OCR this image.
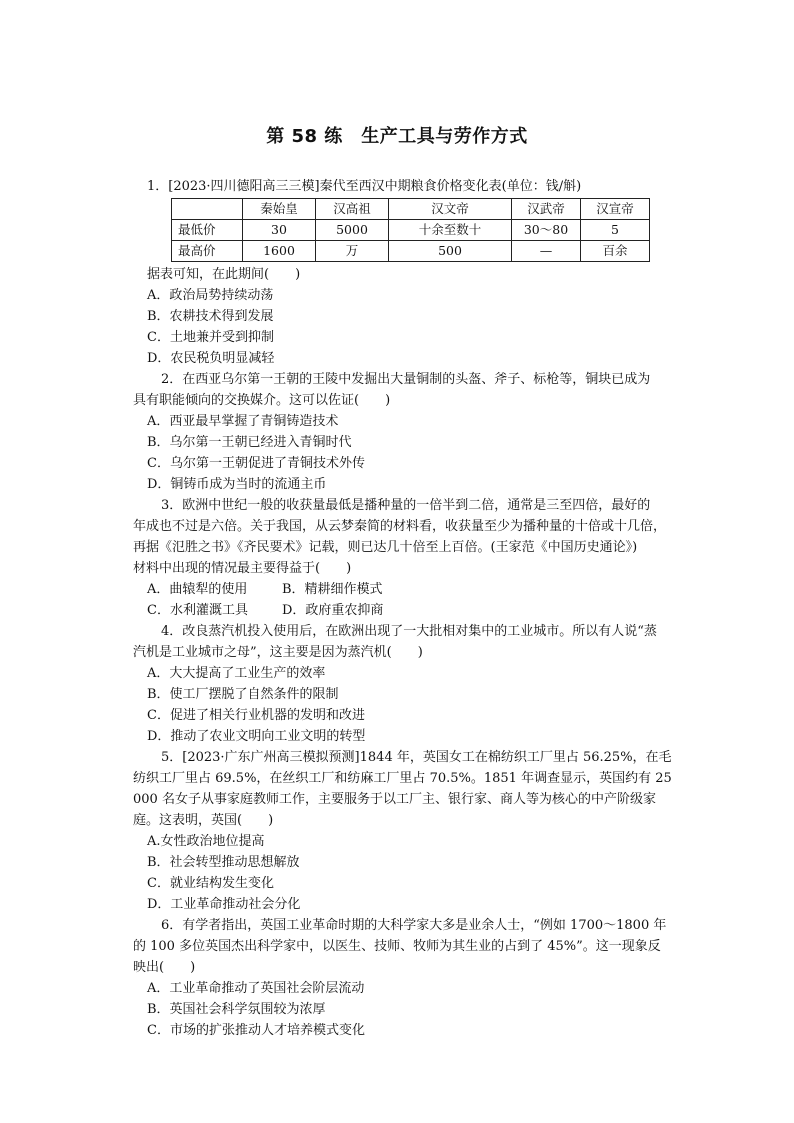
第 58 练　生产工具与劳作方式
1．[2023·四川德阳高三三模]秦代至西汉中期粮食价格变化表(单位：钱/斛)
	秦始皇	汉高祖	汉文帝	汉武帝	汉宣帝
最低价	30	5000	十余至数十	30～80	5
最高价	1600	万	500	—	百余
据表可知，在此期间(　　)
A．政治局势持续动荡
B．农耕技术得到发展
C．土地兼并受到抑制
D．农民税负明显减轻
2．在西亚乌尔第一王朝的王陵中发掘出大量铜制的头盔、斧子、标枪等，铜块已成为
具有职能倾向的交换媒介。这可以佐证(　　)
A．西亚最早掌握了青铜铸造技术
B．乌尔第一王朝已经进入青铜时代
C．乌尔第一王朝促进了青铜技术外传
D．铜铸币成为当时的流通主币
3．欧洲中世纪一般的收获量最低是播种量的一倍半到二倍，通常是三至四倍，最好的
年成也不过是六倍。关于我国，从云梦秦简的材料看，收获量至少为播种量的十倍或十几倍，
再据《氾胜之书》《齐民要术》记载，则已达几十倍至上百倍。(王家范《中国历史通论》)
材料中出现的情况最主要得益于(　　)
A．曲辕犁的使用	B．精耕细作模式
C．水利灌溉工具	D．政府重农抑商
4．改良蒸汽机投入使用后，在欧洲出现了一大批相对集中的工业城市。所以有人说“蒸
汽机是工业城市之母”，这主要是因为蒸汽机(　　)
A．大大提高了工业生产的效率
B．使工厂摆脱了自然条件的限制
C．促进了相关行业机器的发明和改进
D．推动了农业文明向工业文明的转型
5．[2023·广东广州高三模拟预测]1844 年，英国女工在棉纺织工厂里占 56.25%，在毛
纺织工厂里占 69.5%，在丝织工厂和纺麻工厂里占 70.5%。1851 年调查显示，英国约有 25
000 名女子从事家庭教师工作，主要服务于以工厂主、银行家、商人等为核心的中产阶级家
庭。这表明，英国(　　)
A.女性政治地位提高
B．社会转型推动思想解放
C．就业结构发生变化
D．工业革命推动社会分化
6．有学者指出，英国工业革命时期的大科学家大多是业余人士，“例如 1700～1800 年
的 100 多位英国杰出科学家中，以医生、技师、牧师为其生业的占到了 45%”。这一现象反
映出(　　)
A．工业革命推动了英国社会阶层流动
B．英国社会科学氛围较为浓厚
C．市场的扩张推动人才培养模式变化
